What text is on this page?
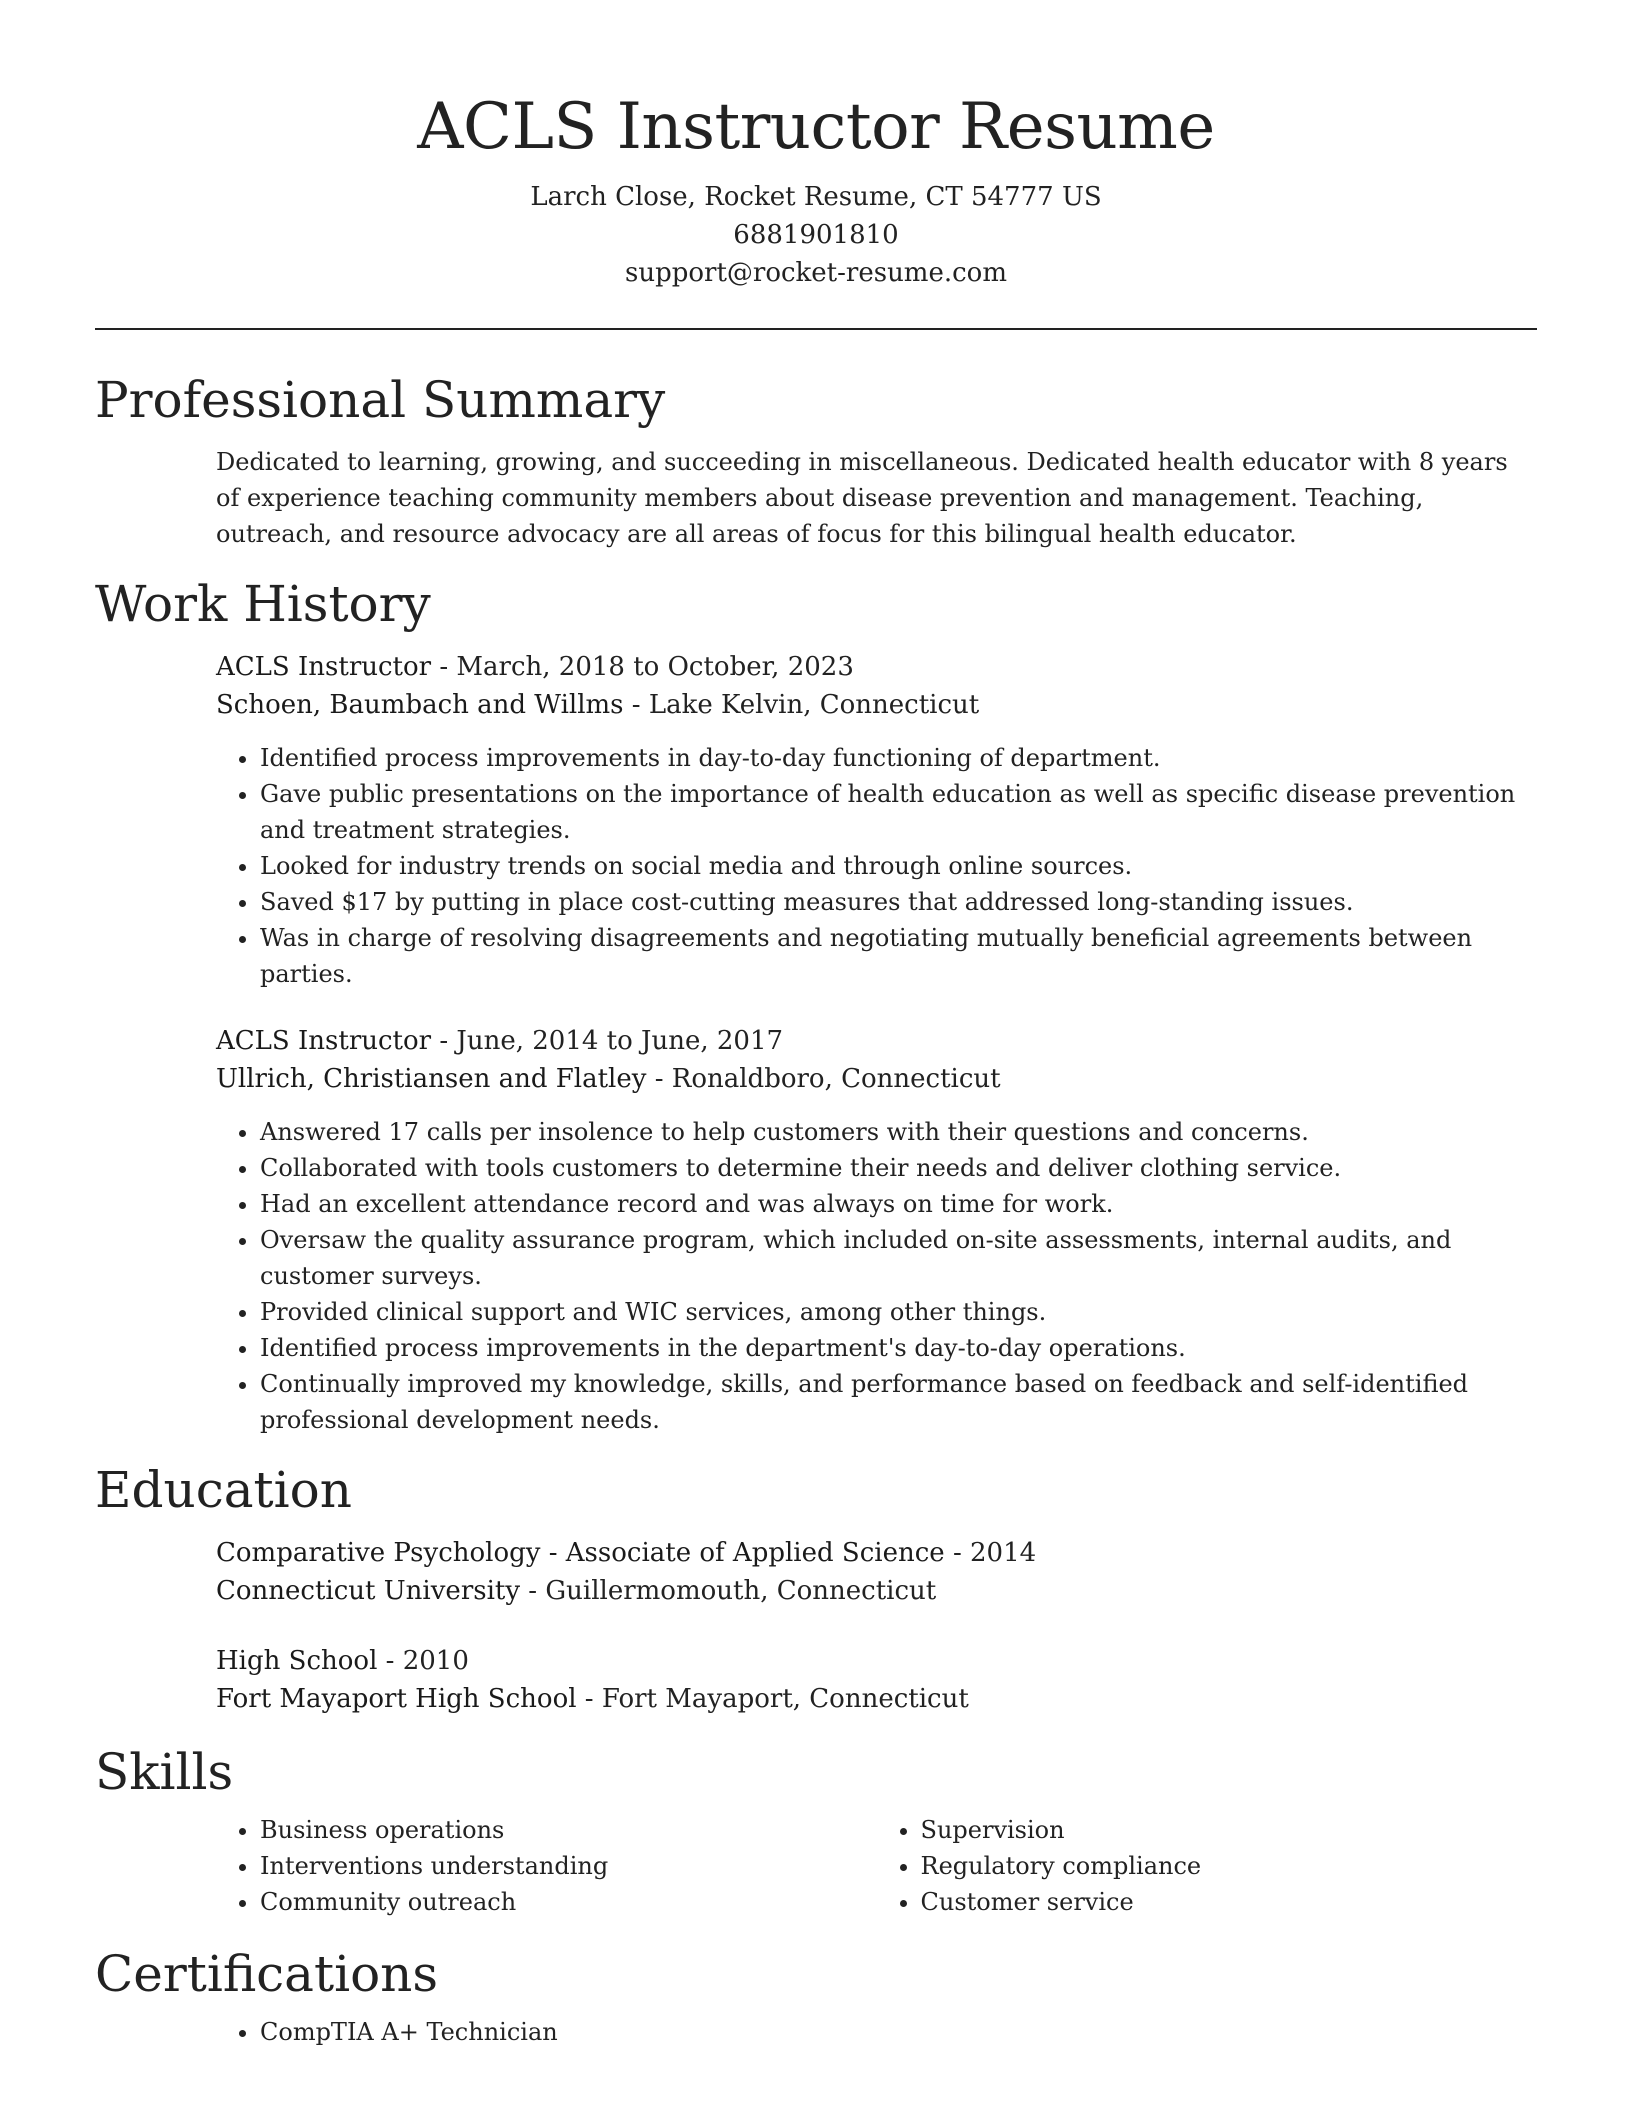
ACLS Instructor Resume
Larch Close, Rocket Resume, CT 54777 US
6881901810
support@rocket-resume.com
Professional Summary

Dedicated to learning, growing, and succeeding in miscellaneous. Dedicated health educator with 8 years of experience teaching community members about disease prevention and management. Teaching, outreach, and resource advocacy are all areas of focus for this bilingual health educator.

Work History
ACLS Instructor - March, 2018 to October, 2023
Schoen, Baumbach and Willms - Lake Kelvin, Connecticut
• Identified process improvements in day-to-day functioning of department.
• Gave public presentations on the importance of health education as well as specific disease prevention and treatment strategies.
• Looked for industry trends on social media and through online sources.
• Saved $17 by putting in place cost-cutting measures that addressed long-standing issues.
• Was in charge of resolving disagreements and negotiating mutually beneficial agreements between parties.
ACLS Instructor - June, 2014 to June, 2017
Ullrich, Christiansen and Flatley - Ronaldboro, Connecticut
• Answered 17 calls per insolence to help customers with their questions and concerns.
• Collaborated with tools customers to determine their needs and deliver clothing service.
• Had an excellent attendance record and was always on time for work.
• Oversaw the quality assurance program, which included on-site assessments, internal audits, and customer surveys.
• Provided clinical support and WIC services, among other things.
• Identified process improvements in the department's day-to-day operations.
• Continually improved my knowledge, skills, and performance based on feedback and self-identified professional development needs.
Education
Comparative Psychology - Associate of Applied Science - 2014
Connecticut University - Guillermomouth, Connecticut
High School - 2010
Fort Mayaport High School - Fort Mayaport, Connecticut
Skills
• Business operations
• Interventions understanding
• Community outreach
• Supervision
• Regulatory compliance
• Customer service
Certifications
• CompTIA A+ Technician
